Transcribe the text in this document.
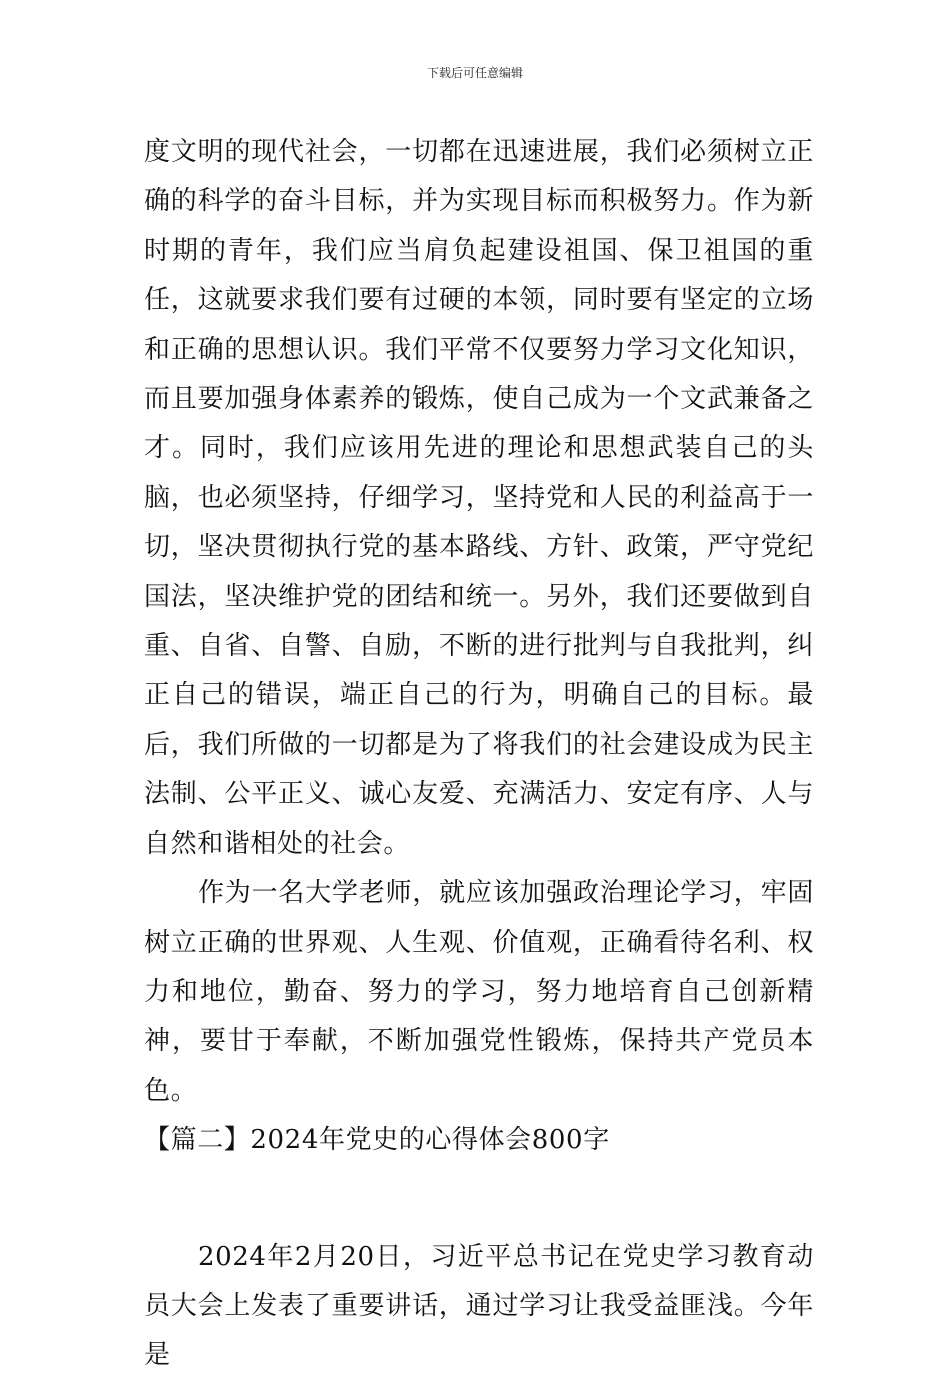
下载后可任意编辑

度文明的现代社会，一切都在迅速进展，我们必须树立正确的科学的奋斗目标，并为实现目标而积极努力。作为新时期的青年，我们应当肩负起建设祖国、保卫祖国的重任，这就要求我们要有过硬的本领，同时要有坚定的立场和正确的思想认识。我们平常不仅要努力学习文化知识，而且要加强身体素养的锻炼，使自己成为一个文武兼备之才。同时，我们应该用先进的理论和思想武装自己的头脑，也必须坚持，仔细学习，坚持党和人民的利益高于一切，坚决贯彻执行党的基本路线、方针、政策，严守党纪国法，坚决维护党的团结和统一。另外，我们还要做到自重、自省、自警、自励，不断的进行批判与自我批判，纠正自己的错误，端正自己的行为，明确自己的目标。最后，我们所做的一切都是为了将我们的社会建设成为民主法制、公平正义、诚心友爱、充满活力、安定有序、人与自然和谐相处的社会。

作为一名大学老师，就应该加强政治理论学习，牢固树立正确的世界观、人生观、价值观，正确看待名利、权力和地位，勤奋、努力的学习，努力地培育自己创新精神，要甘于奉献，不断加强党性锻炼，保持共产党员本色。

【篇二】2024年党史的心得体会800字

2024年2月20日，习近平总书记在党史学习教育动员大会上发表了重要讲话，通过学习让我受益匪浅。今年是
